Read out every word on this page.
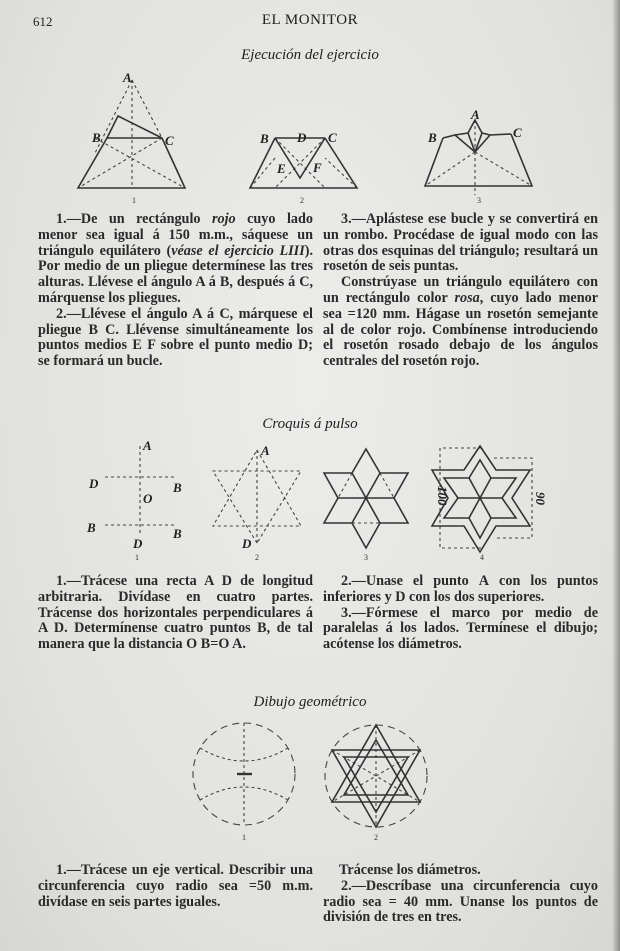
612	EL MONITOR
Ejecución del ejercicio
A
B	C
1
B D C
E F
2
A
B	C
3

1.—De un rectángulo rojo cuyo lado menor sea igual á 150 m.m., sáquese un triángulo equilátero (véase el ejercicio LIII). Por medio de un pliegue determínese las tres alturas. Llévese el ángulo A á B, después á C, márquense los pliegues.

2.—Llévese el ángulo A á C, márquese el pliegue B C. Llévense simultáneamente los puntos medios E F sobre el punto medio D; se formará un bucle.

3.—Aplástese ese bucle y se convertirá en un rombo. Procédase de igual modo con las otras dos esquinas del triángulo; resultará un rosetón de seis puntas.

Constrúyase un triángulo equilátero con un rectángulo color rosa, cuyo lado menor sea =120 mm. Hágase un rosetón semejante al de color rojo. Combínense introduciendo el rosetón rosado debajo de los ángulos centrales del rosetón rojo.

Croquis á pulso
A
D	B
O
B	B
D
1
A
D
2	3
100	90
4

1.—Trácese una recta A D de longitud arbitraria. Divídase en cuatro partes. Trácense dos horizontales perpendiculares á A D. Determínense cuatro puntos B, de tal manera que la distancia O B=O A.

2.—Unase el punto A con los puntos inferiores y D con los dos superiores.

3.—Fórmese el marco por medio de paralelas á los lados. Termínese el dibujo; acótense los diámetros.

Dibujo geométrico
1	2

1.—Trácese un eje vertical. Describir una circunferencia cuyo radio sea =50 m.m. divídase en seis partes iguales.

Trácense los diámetros.

2.—Descríbase una circunferencia cuyo radio sea = 40 mm. Unanse los puntos de división de tres en tres.
